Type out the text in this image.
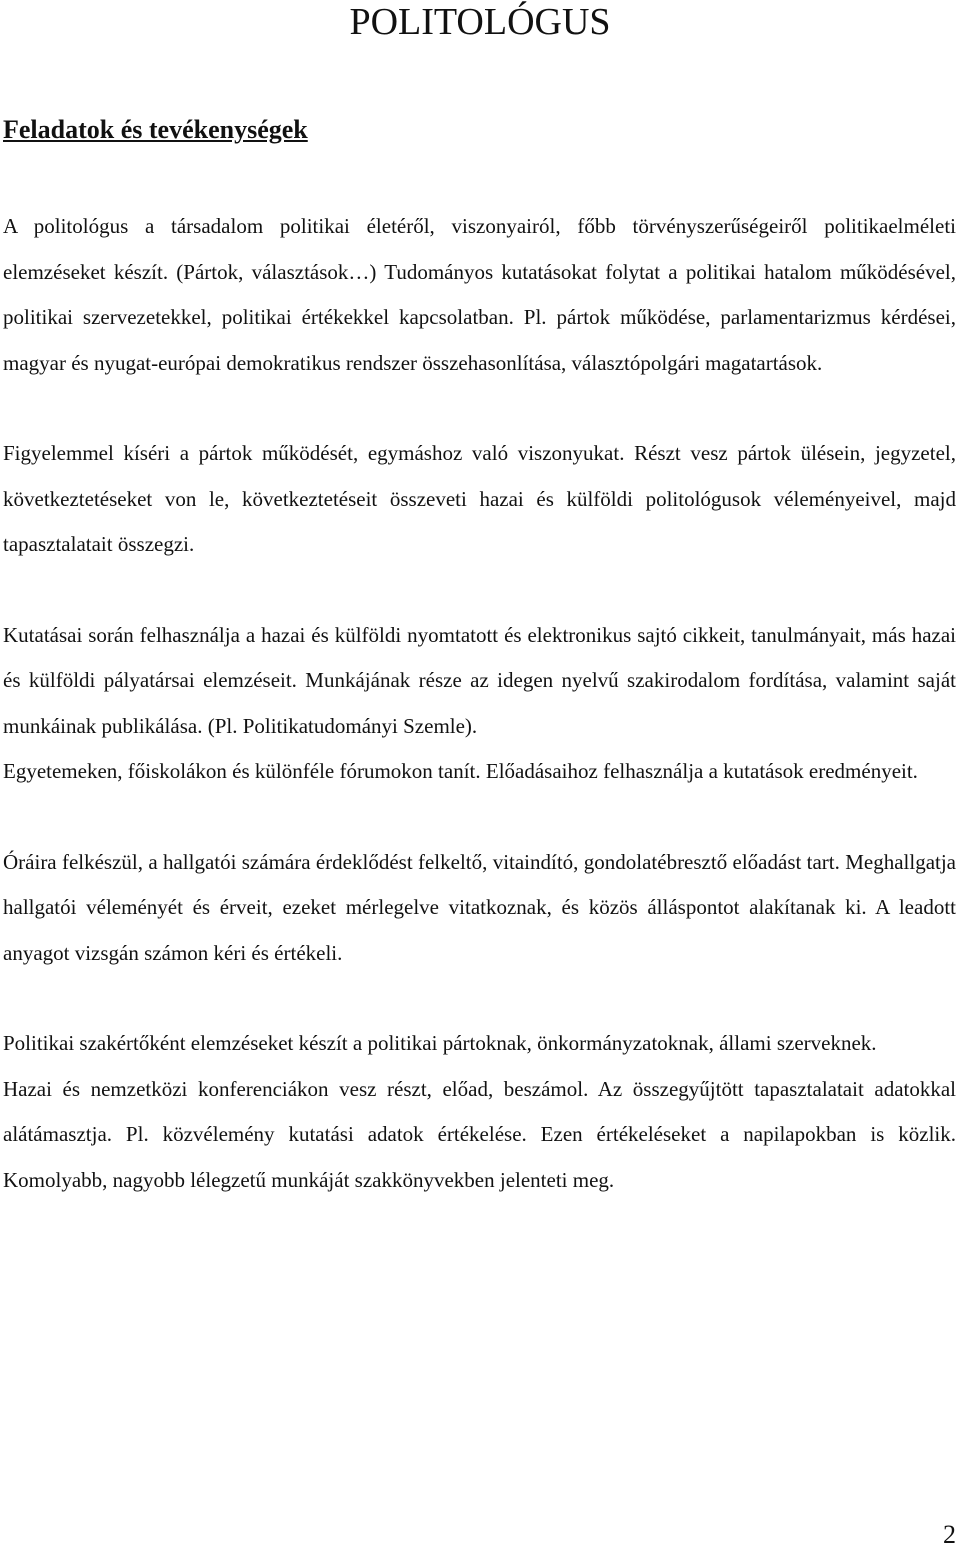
POLITOLÓGUS
Feladatok és tevékenységek

A politológus a társadalom politikai életéről, viszonyairól, főbb törvényszerűségeiről politikaelméleti elemzéseket készít. (Pártok, választások…) Tudományos kutatásokat folytat a politikai hatalom működésével, politikai szervezetekkel, politikai értékekkel kapcsolatban. Pl. pártok működése, parlamentarizmus kérdései, magyar és nyugat-európai demokratikus rendszer összehasonlítása, választópolgári magatartások.

Figyelemmel kíséri a pártok működését, egymáshoz való viszonyukat. Részt vesz pártok ülésein, jegyzetel, következtetéseket von le, következtetéseit összeveti hazai és külföldi politológusok véleményeivel, majd tapasztalatait összegzi.

Kutatásai során felhasználja a hazai és külföldi nyomtatott és elektronikus sajtó cikkeit, tanulmányait, más hazai és külföldi pályatársai elemzéseit. Munkájának része az idegen nyelvű szakirodalom fordítása, valamint saját munkáinak publikálása. (Pl. Politikatudományi Szemle).

Egyetemeken, főiskolákon és különféle fórumokon tanít. Előadásaihoz felhasználja a kutatások eredményeit.

Óráira felkészül, a hallgatói számára érdeklődést felkeltő, vitaindító, gondolatébresztő előadást tart. Meghallgatja hallgatói véleményét és érveit, ezeket mérlegelve vitatkoznak, és közös álláspontot alakítanak ki. A leadott anyagot vizsgán számon kéri és értékeli.

Politikai szakértőként elemzéseket készít a politikai pártoknak, önkormányzatoknak, állami szerveknek.

Hazai és nemzetközi konferenciákon vesz részt, előad, beszámol. Az összegyűjtött tapasztalatait adatokkal alátámasztja. Pl. közvélemény kutatási adatok értékelése. Ezen értékeléseket a napilapokban is közlik. Komolyabb, nagyobb lélegzetű munkáját szakkönyvekben jelenteti meg.

2
